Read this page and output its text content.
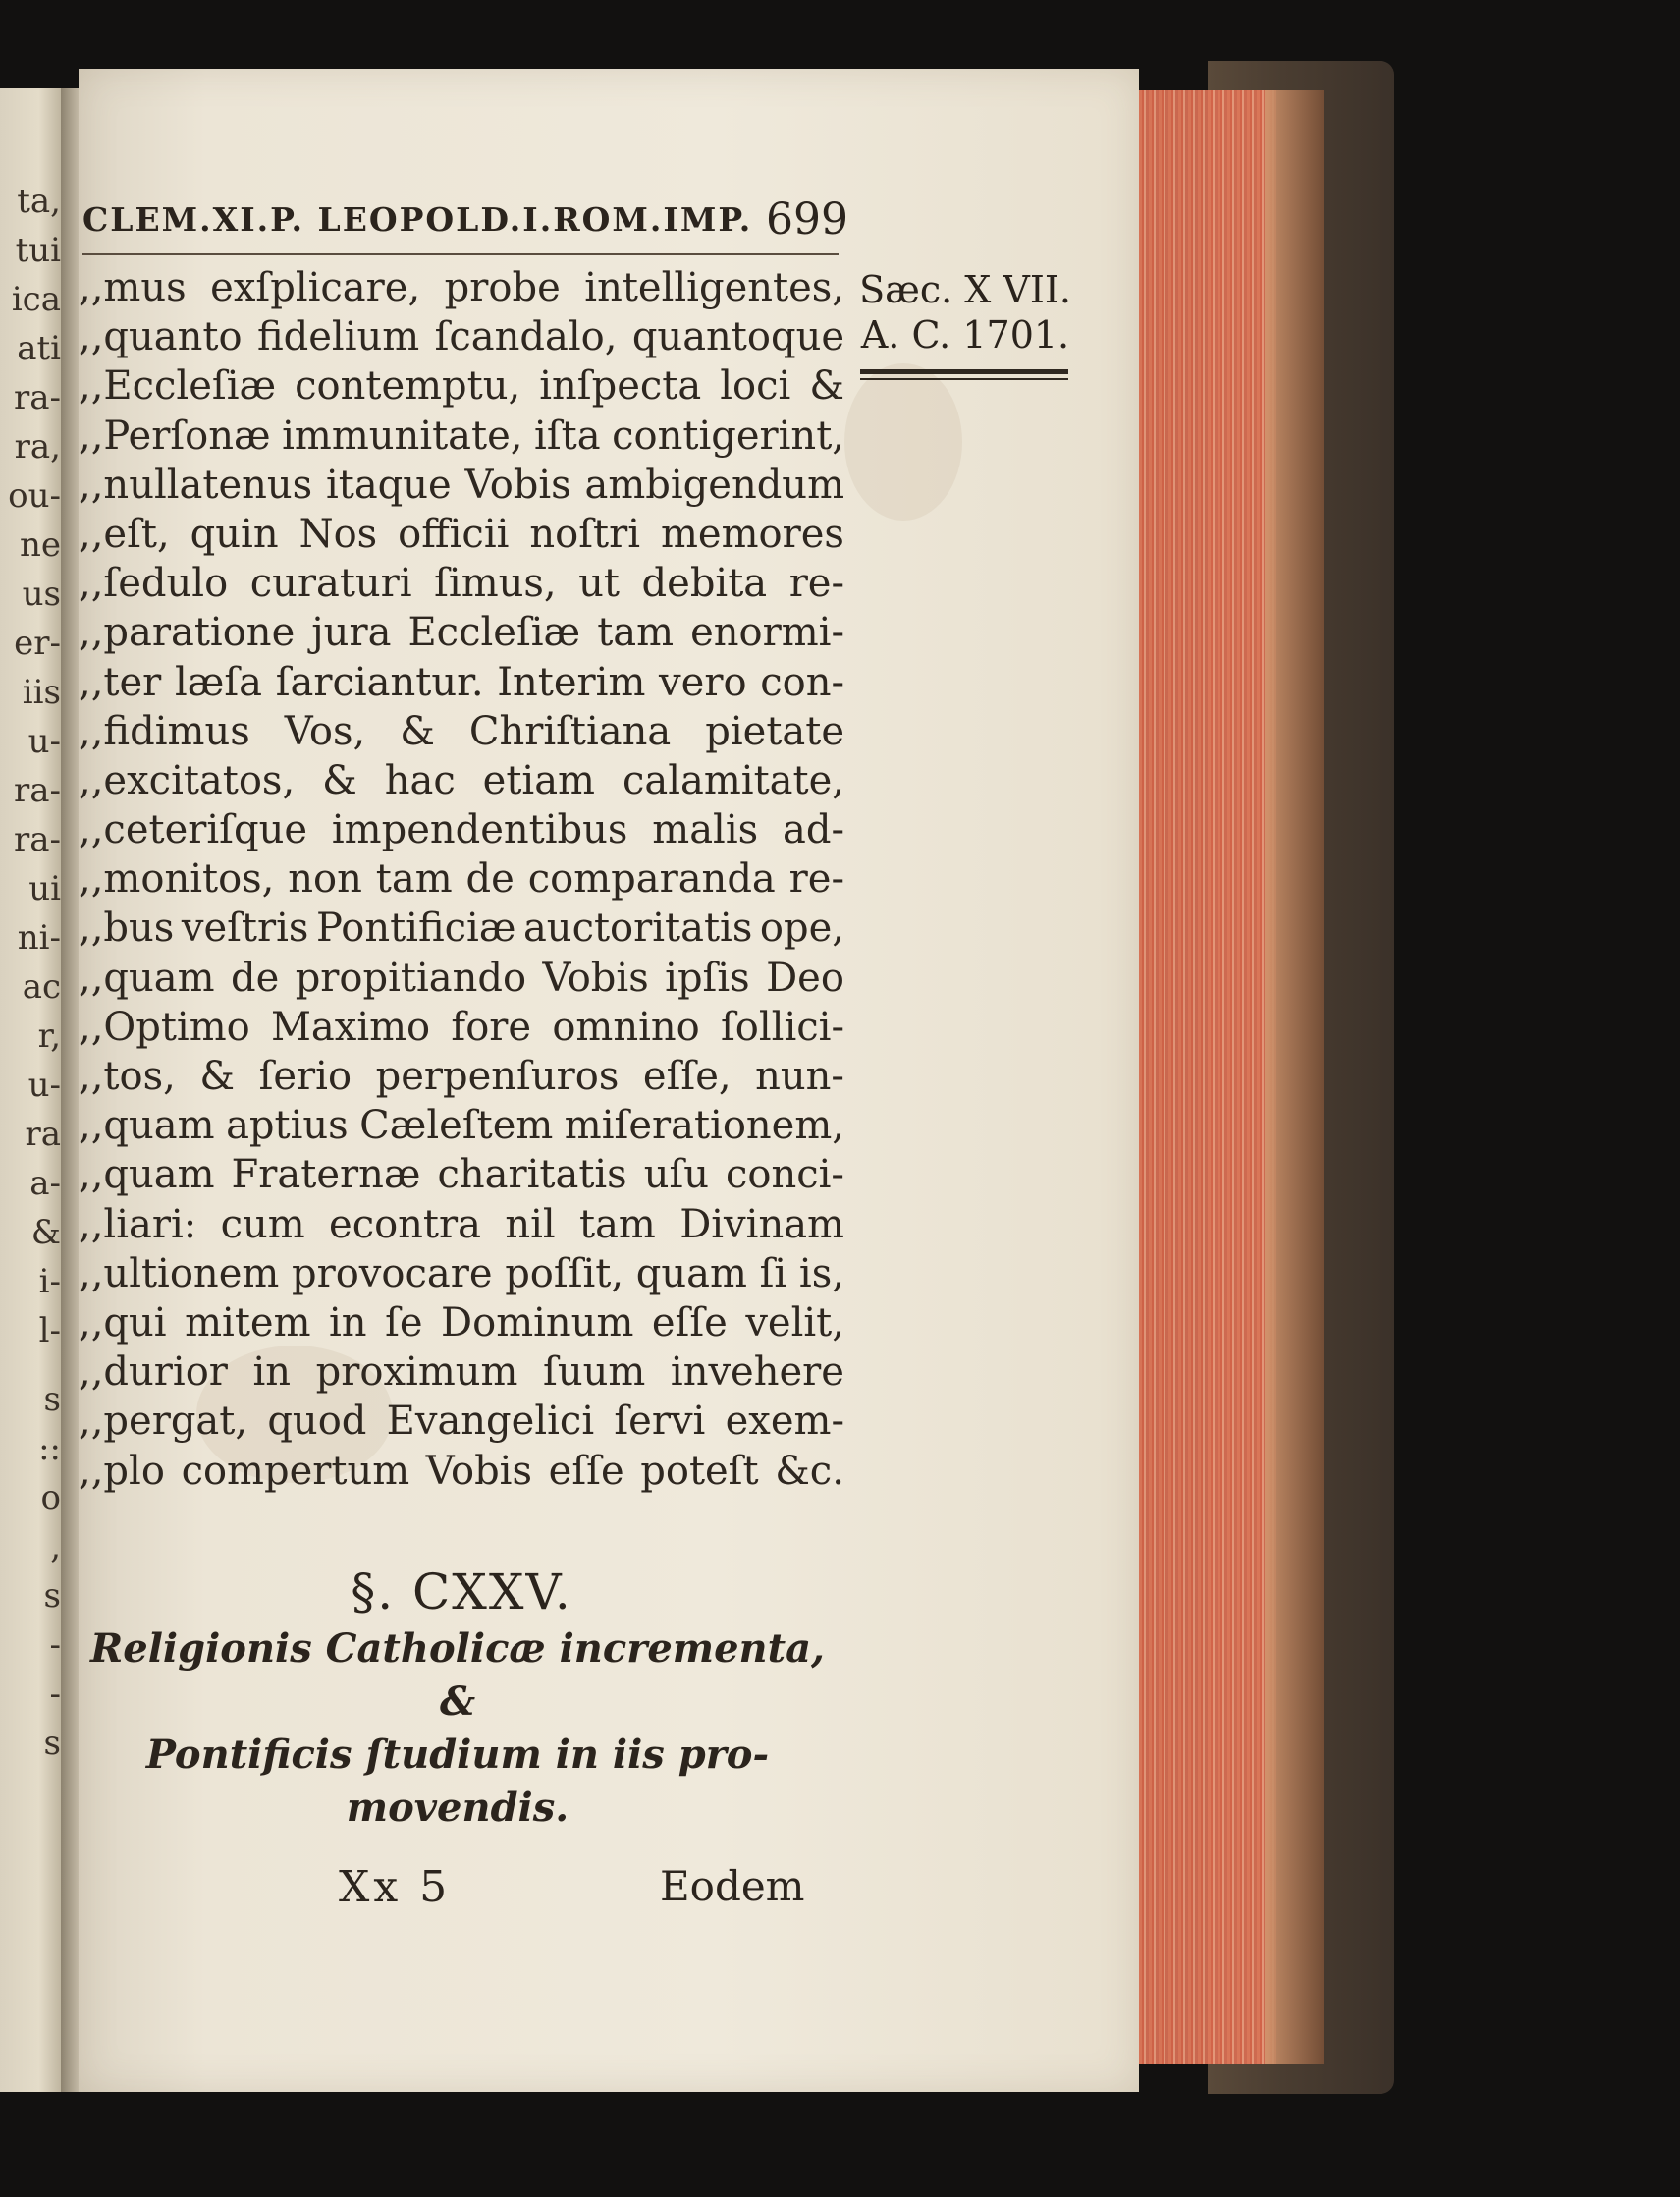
ta,
tui
ica
ati
ra-
ra,
ou-
ne
us
er-
iis
u-
ra-
ra-
ui
ni-
ac
r,
u-
ra
a-
&
i-
l-
s
::
o
,
s
-
-
s
CLEM.XI.P. LEOPOLD.I.ROM.IMP. 699
Sæc. X VII.
A. C. 1701.
,,mus exſplicare, probe intelligentes,
,,quanto fidelium ſcandalo, quantoque
,,Eccleſiæ contemptu, inſpecta loci &
,,Perſonæ immunitate, iſta contigerint,
,,nullatenus itaque Vobis ambigendum
,,eſt, quin Nos officii noſtri memores
,,ſedulo curaturi ſimus, ut debita re-
,,paratione jura Eccleſiæ tam enormi-
,,ter læſa ſarciantur. Interim vero con-
,,fidimus Vos, & Chriſtiana pietate
,,excitatos, & hac etiam calamitate,
,,ceteriſque impendentibus malis ad-
,,monitos, non tam de comparanda re-
,,bus veſtris Pontificiæ auctoritatis ope,
,,quam de propitiando Vobis ipſis Deo
,,Optimo Maximo fore omnino ſollici-
,,tos, & ſerio perpenſuros eſſe, nun-
,,quam aptius Cæleſtem miſerationem,
,,quam Fraternæ charitatis uſu conci-
,,liari: cum econtra nil tam Divinam
,,ultionem provocare poſſit, quam ſi is,
,,qui mitem in ſe Dominum eſſe velit,
,,durior in proximum ſuum invehere
,,pergat, quod Evangelici ſervi exem-
,,plo compertum Vobis eſſe poteſt &c.
§. CXXV.
Religionis Catholicæ incrementa, &
Pontificis ſtudium in iis pro-
movendis.
Xx 5	Eodem
